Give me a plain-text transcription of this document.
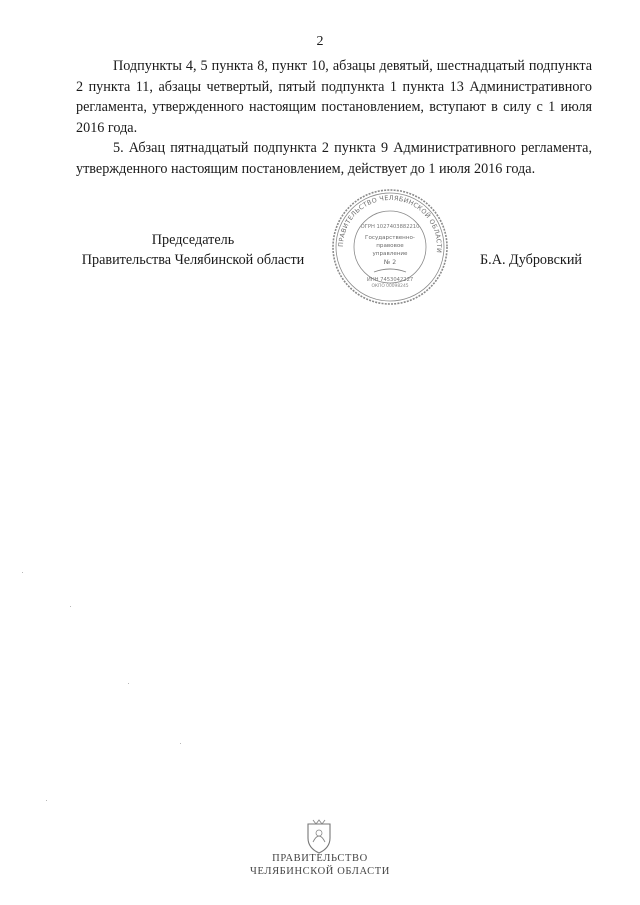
2

Подпункты 4, 5 пункта 8, пункт 10, абзацы девятый, шестнадцатый подпункта 2 пункта 11, абзацы четвертый, пятый подпункта 1 пункта 13 Административного регламента, утвержденного настоящим постановлением, вступают в силу с 1 июля 2016 года.

5. Абзац пятнадцатый подпункта 2 пункта 9 Административного регламента, утвержденного настоящим постановлением, действует до 1 июля 2016 года.

Председатель
Правительства Челябинской области	Б.А. Дубровский
ПРАВИТЕЛЬСТВО ЧЕЛЯБИНСКОЙ ОБЛАСТИ
ОГРН 1027403882210
ИНН 7453042227
ОКПО 00098245
Государственно-
правовое
управление
№ 2
ПРАВИТЕЛЬСТВО
ЧЕЛЯБИНСКОЙ ОБЛАСТИ
